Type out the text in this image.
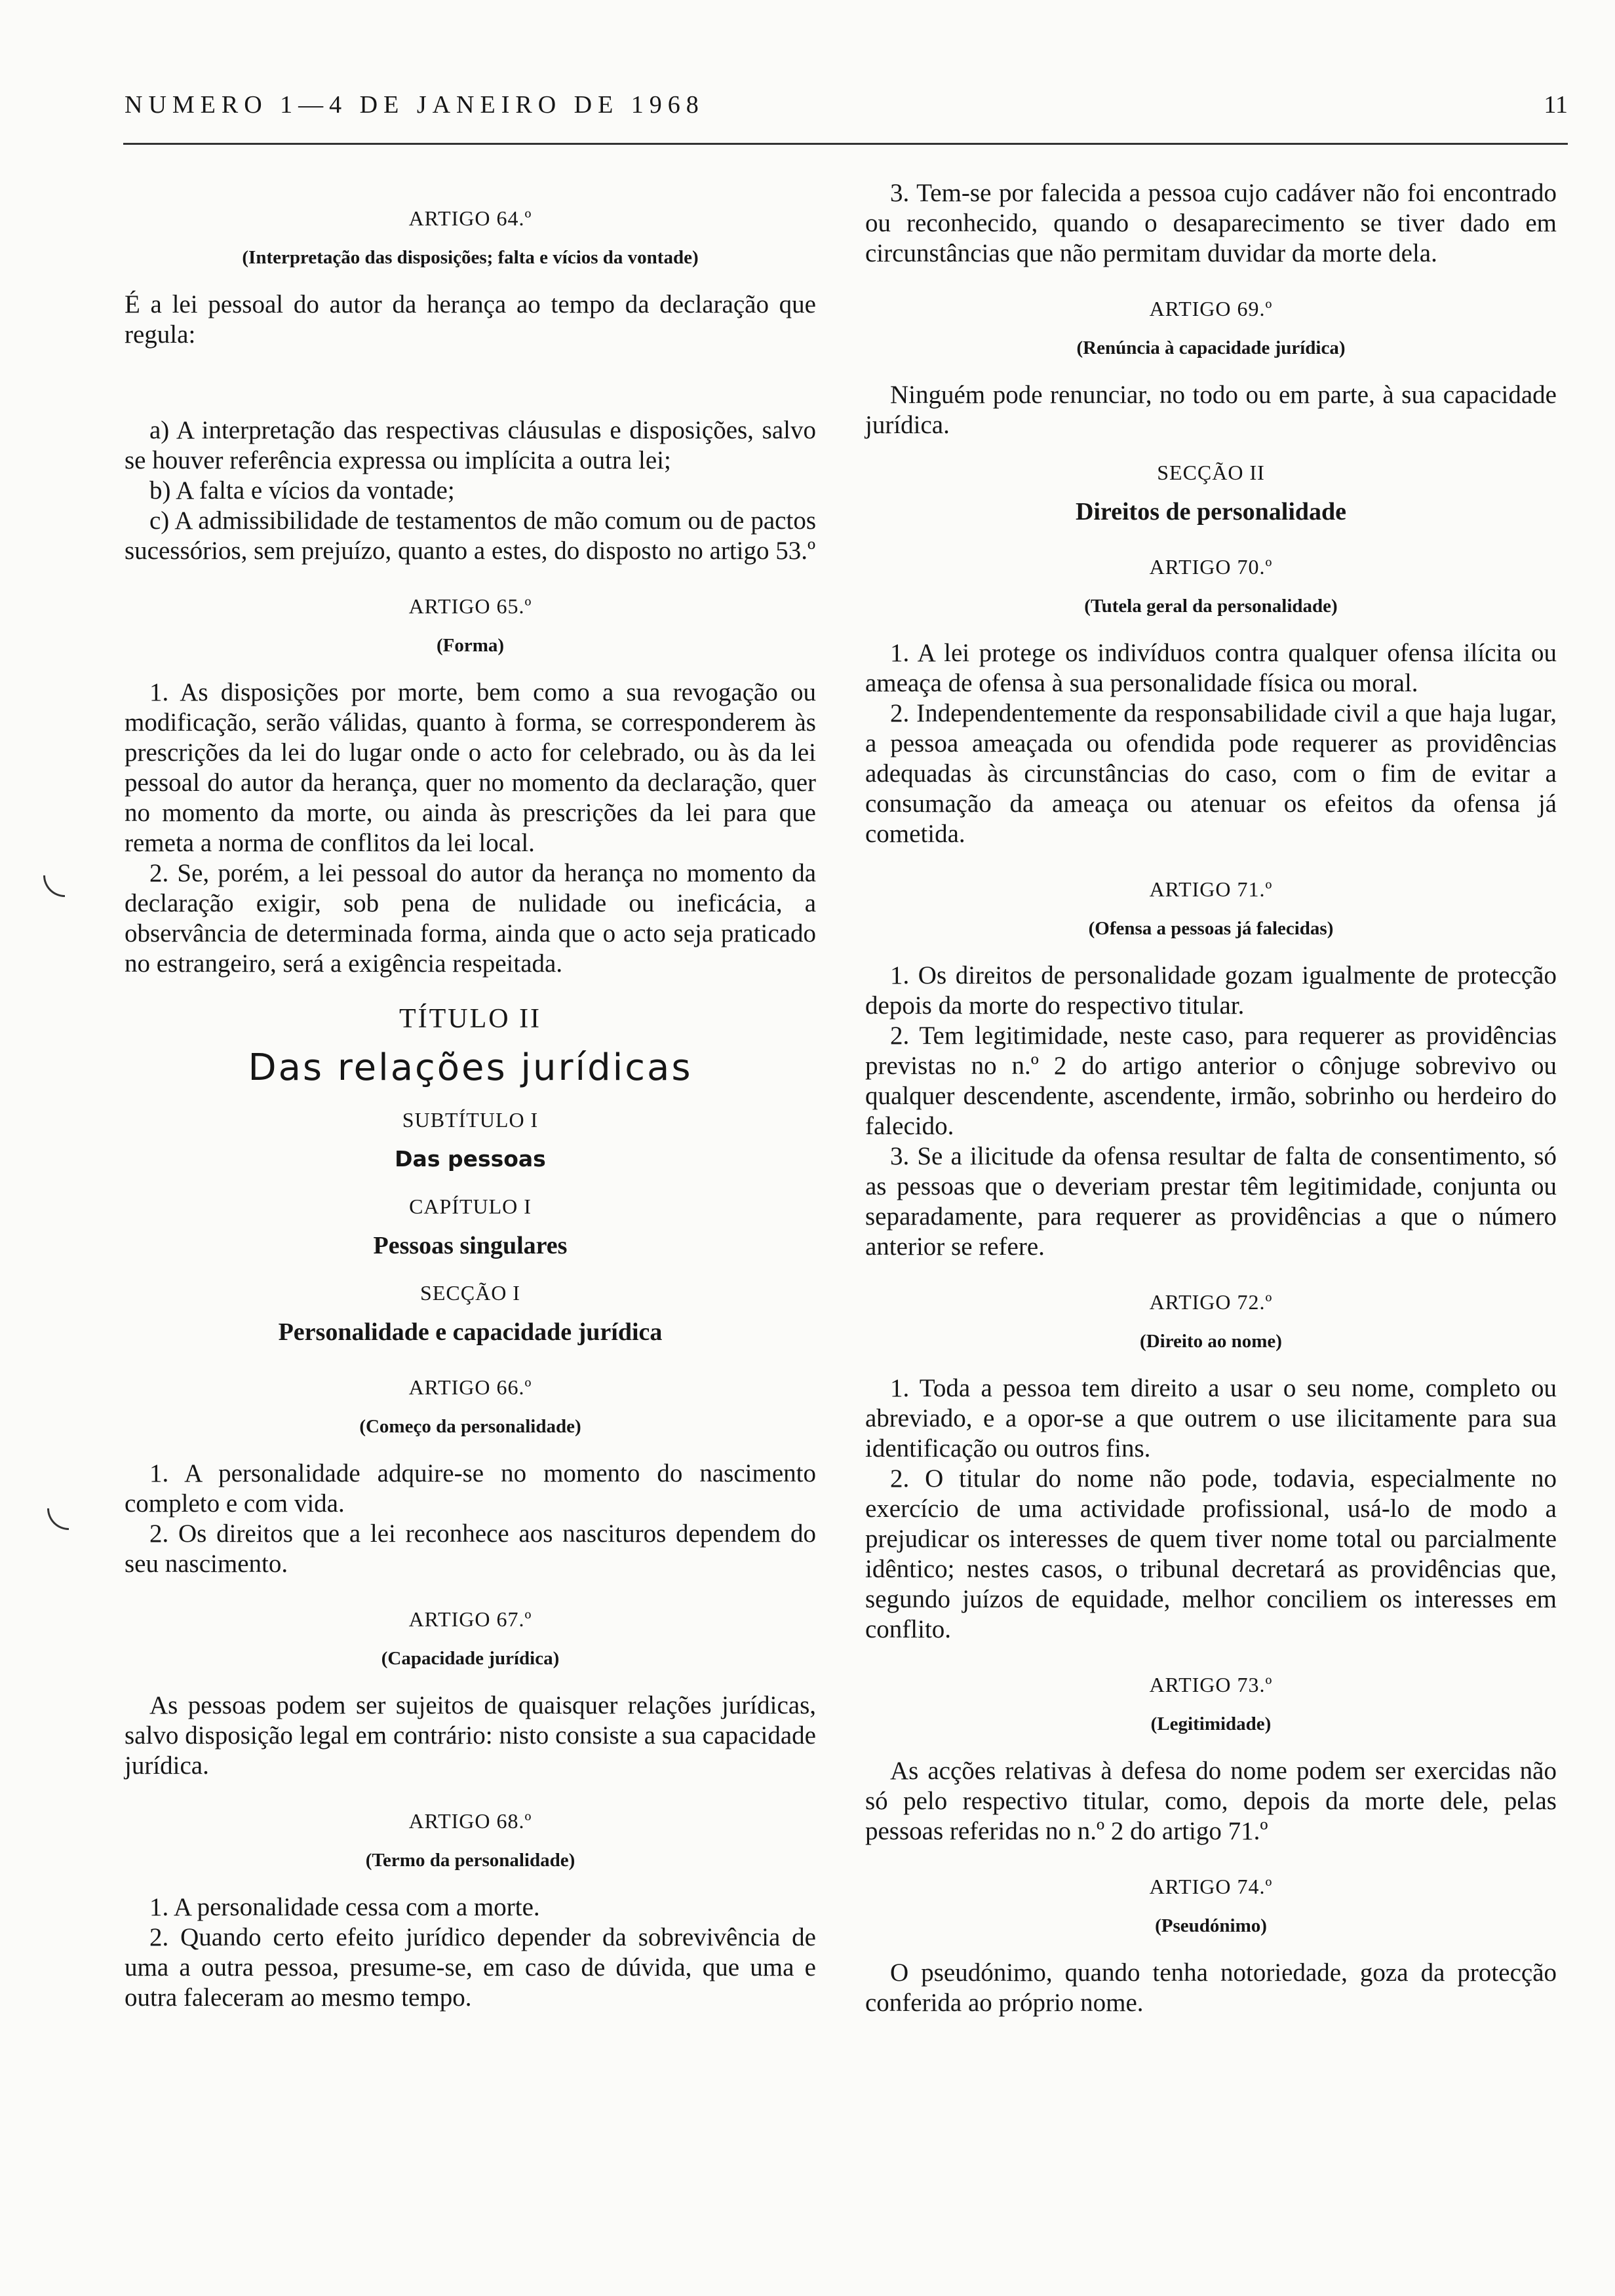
NUMERO 1—4 DE JANEIRO DE 1968	11

ARTIGO 64.º

(Interpretação das disposições; falta e vícios da vontade)

É a lei pessoal do autor da herança ao tempo da declaração que regula:

a) A interpretação das respectivas cláusulas e disposições, salvo se houver referência expressa ou implícita a outra lei;

b) A falta e vícios da vontade;

c) A admissibilidade de testamentos de mão comum ou de pactos sucessórios, sem prejuízo, quanto a estes, do disposto no artigo 53.º

ARTIGO 65.º

(Forma)

1. As disposições por morte, bem como a sua revogação ou modificação, serão válidas, quanto à forma, se corresponderem às prescrições da lei do lugar onde o acto for celebrado, ou às da lei pessoal do autor da herança, quer no momento da declaração, quer no momento da morte, ou ainda às prescrições da lei para que remeta a norma de conflitos da lei local.

2. Se, porém, a lei pessoal do autor da herança no momento da declaração exigir, sob pena de nulidade ou ineficácia, a observância de determinada forma, ainda que o acto seja praticado no estrangeiro, será a exigência respeitada.

TÍTULO II

Das relações jurídicas

SUBTÍTULO I

Das pessoas

CAPÍTULO I

Pessoas singulares

SECÇÃO I

Personalidade e capacidade jurídica

ARTIGO 66.º

(Começo da personalidade)

1. A personalidade adquire-se no momento do nascimento completo e com vida.

2. Os direitos que a lei reconhece aos nascituros dependem do seu nascimento.

ARTIGO 67.º

(Capacidade jurídica)

As pessoas podem ser sujeitos de quaisquer relações jurídicas, salvo disposição legal em contrário: nisto consiste a sua capacidade jurídica.

ARTIGO 68.º

(Termo da personalidade)

1. A personalidade cessa com a morte.

2. Quando certo efeito jurídico depender da sobrevivência de uma a outra pessoa, presume-se, em caso de dúvida, que uma e outra faleceram ao mesmo tempo.

3. Tem-se por falecida a pessoa cujo cadáver não foi encontrado ou reconhecido, quando o desaparecimento se tiver dado em circunstâncias que não permitam duvidar da morte dela.

ARTIGO 69.º

(Renúncia à capacidade jurídica)

Ninguém pode renunciar, no todo ou em parte, à sua capacidade jurídica.

SECÇÃO II

Direitos de personalidade

ARTIGO 70.º

(Tutela geral da personalidade)

1. A lei protege os indivíduos contra qualquer ofensa ilícita ou ameaça de ofensa à sua personalidade física ou moral.

2. Independentemente da responsabilidade civil a que haja lugar, a pessoa ameaçada ou ofendida pode requerer as providências adequadas às circunstâncias do caso, com o fim de evitar a consumação da ameaça ou atenuar os efeitos da ofensa já cometida.

ARTIGO 71.º

(Ofensa a pessoas já falecidas)

1. Os direitos de personalidade gozam igualmente de protecção depois da morte do respectivo titular.

2. Tem legitimidade, neste caso, para requerer as providências previstas no n.º 2 do artigo anterior o cônjuge sobrevivo ou qualquer descendente, ascendente, irmão, sobrinho ou herdeiro do falecido.

3. Se a ilicitude da ofensa resultar de falta de consentimento, só as pessoas que o deveriam prestar têm legitimidade, conjunta ou separadamente, para requerer as providências a que o número anterior se refere.

ARTIGO 72.º

(Direito ao nome)

1. Toda a pessoa tem direito a usar o seu nome, completo ou abreviado, e a opor-se a que outrem o use ilicitamente para sua identificação ou outros fins.

2. O titular do nome não pode, todavia, especialmente no exercício de uma actividade profissional, usá-lo de modo a prejudicar os interesses de quem tiver nome total ou parcialmente idêntico; nestes casos, o tribunal decretará as providências que, segundo juízos de equidade, melhor conciliem os interesses em conflito.

ARTIGO 73.º

(Legitimidade)

As acções relativas à defesa do nome podem ser exercidas não só pelo respectivo titular, como, depois da morte dele, pelas pessoas referidas no n.º 2 do artigo 71.º

ARTIGO 74.º

(Pseudónimo)

O pseudónimo, quando tenha notoriedade, goza da protecção conferida ao próprio nome.
